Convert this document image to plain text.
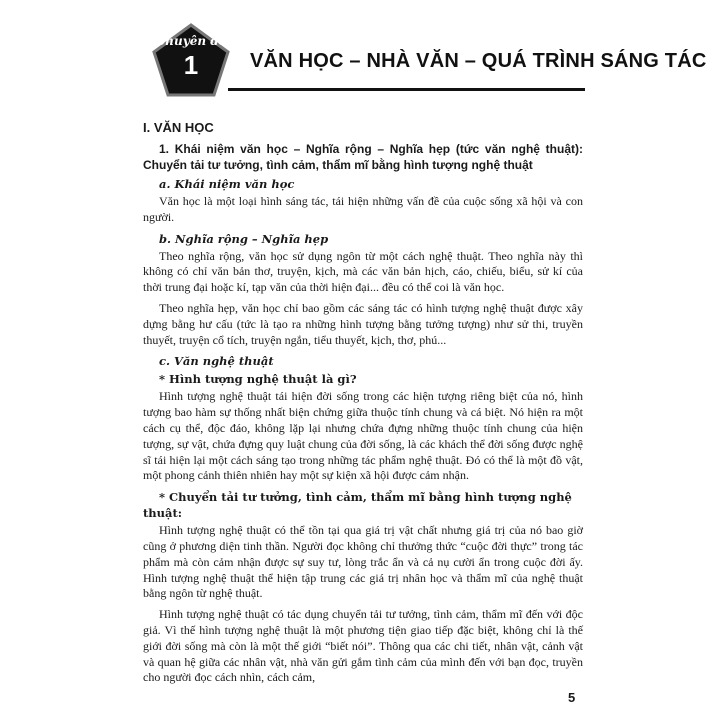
Chuyên đề
1	VĂN HỌC – NHÀ VĂN – QUÁ TRÌNH SÁNG TÁC
I. VĂN HỌC

1. Khái niệm văn học – Nghĩa rộng – Nghĩa hẹp (tức văn nghệ thuật): Chuyển tải tư tưởng, tình cảm, thẩm mĩ bằng hình tượng nghệ thuật

a. Khái niệm văn học

Văn học là một loại hình sáng tác, tái hiện những vấn đề của cuộc sống xã hội và con người.

b. Nghĩa rộng – Nghĩa hẹp

Theo nghĩa rộng, văn học sử dụng ngôn từ một cách nghệ thuật. Theo nghĩa này thì không có chỉ văn bản thơ, truyện, kịch, mà các văn bản hịch, cáo, chiếu, biểu, sử kí của thời trung đại hoặc kí, tạp văn của thời hiện đại... đều có thể coi là văn học.

Theo nghĩa hẹp, văn học chỉ bao gồm các sáng tác có hình tượng nghệ thuật được xây dựng bằng hư cấu (tức là tạo ra những hình tượng bằng tưởng tượng) như sử thi, truyền thuyết, truyện cổ tích, truyện ngắn, tiểu thuyết, kịch, thơ, phú...

c. Văn nghệ thuật

* Hình tượng nghệ thuật là gì?

Hình tượng nghệ thuật tái hiện đời sống trong các hiện tượng riêng biệt của nó, hình tượng bao hàm sự thống nhất biện chứng giữa thuộc tính chung và cá biệt. Nó hiện ra một cách cụ thể, độc đáo, không lặp lại nhưng chứa đựng những thuộc tính chung của hiện tượng, sự vật, chứa đựng quy luật chung của đời sống, là các khách thể đời sống được nghệ sĩ tái hiện lại một cách sáng tạo trong những tác phẩm nghệ thuật. Đó có thể là một đồ vật, một phong cảnh thiên nhiên hay một sự kiện xã hội được cảm nhận.

* Chuyển tải tư tưởng, tình cảm, thẩm mĩ bằng hình tượng nghệ thuật:

Hình tượng nghệ thuật có thể tồn tại qua giá trị vật chất nhưng giá trị của nó bao giờ cũng ở phương diện tinh thần. Người đọc không chỉ thưởng thức “cuộc đời thực” trong tác phẩm mà còn cảm nhận được sự suy tư, lòng trắc ẩn và cả nụ cười ẩn trong cuộc đời ấy. Hình tượng nghệ thuật thể hiện tập trung các giá trị nhân học và thẩm mĩ của nghệ thuật bằng ngôn từ nghệ thuật.

Hình tượng nghệ thuật có tác dụng chuyển tải tư tưởng, tình cảm, thẩm mĩ đến với độc giả. Vì thế hình tượng nghệ thuật là một phương tiện giao tiếp đặc biệt, không chỉ là thế giới đời sống mà còn là một thế giới “biết nói”. Thông qua các chi tiết, nhân vật, cảnh vật và quan hệ giữa các nhân vật, nhà văn gửi gắm tình cảm của mình đến với bạn đọc, truyền cho người đọc cách nhìn, cách cảm,

5
